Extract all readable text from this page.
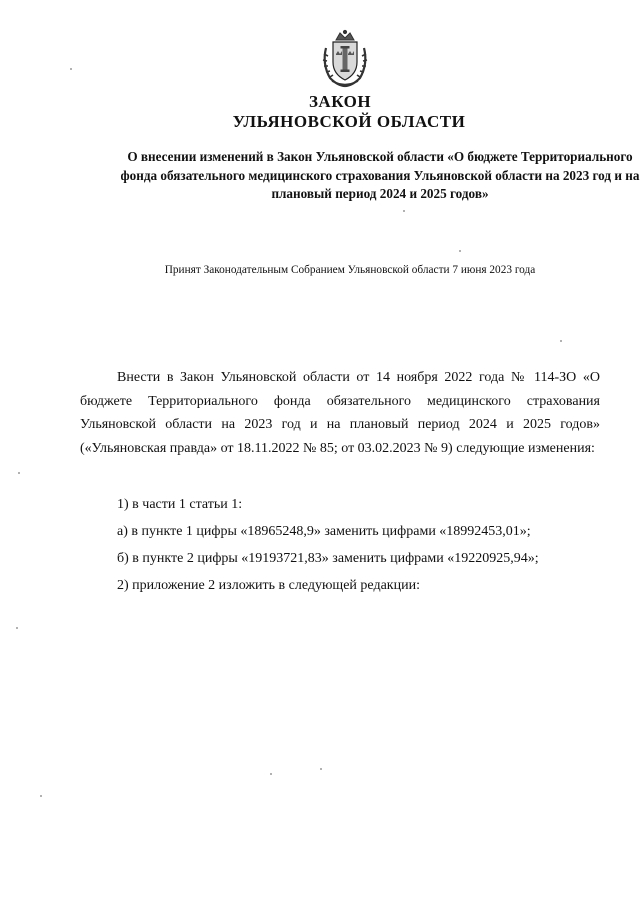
ЗАКОН
УЛЬЯНОВСКОЙ ОБЛАСТИ

О внесении изменений в Закон Ульяновской области «О бюджете Территориального фонда обязательного медицинского страхования Ульяновской области на 2023 год и на плановый период 2024 и 2025 годов»

Принят Законодательным Собранием Ульяновской области 7 июня 2023 года

Внести в Закон Ульяновской области от 14 ноября 2022 года № 114-ЗО «О бюджете Территориального фонда обязательного медицинского страхования Ульяновской области на 2023 год и на плановый период 2024 и 2025 годов» («Ульяновская правда» от 18.11.2022 № 85; от 03.02.2023 № 9) следующие изменения:

1) в части 1 статьи 1:

а) в пункте 1 цифры «18965248,9» заменить цифрами «18992453,01»;

б) в пункте 2 цифры «19193721,83» заменить цифрами «19220925,94»;

2) приложение 2 изложить в следующей редакции:
